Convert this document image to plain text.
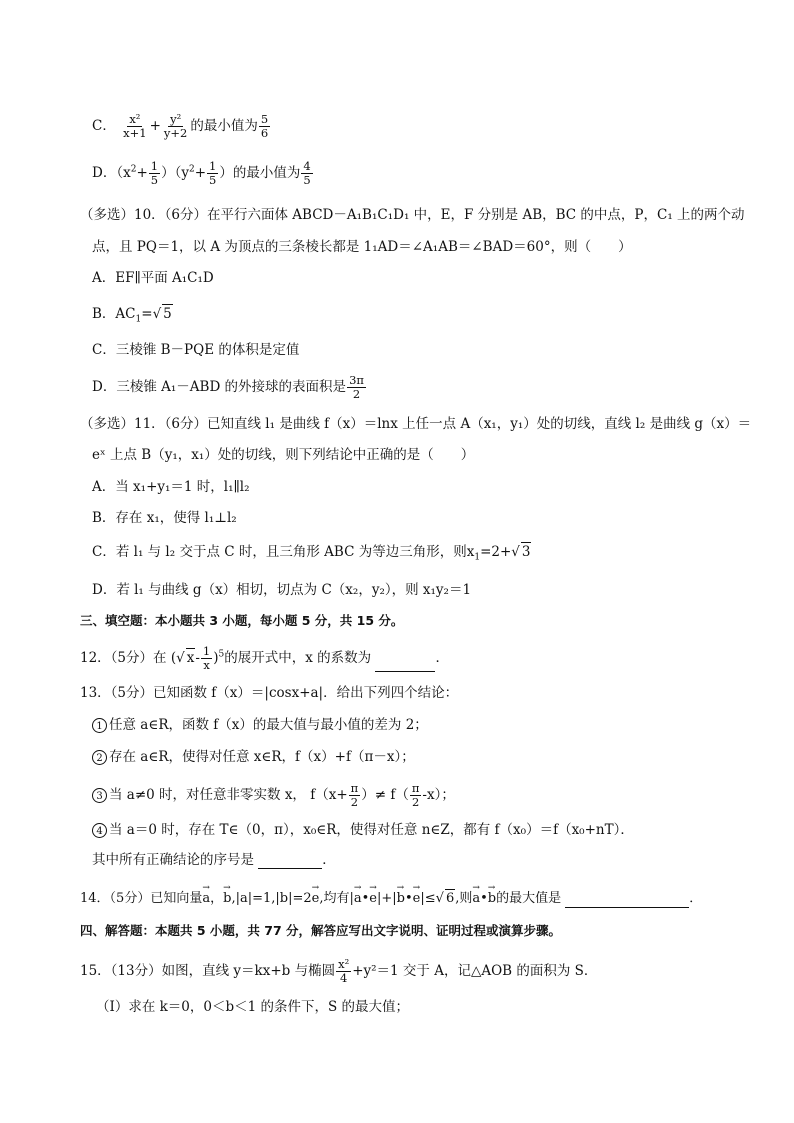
C． $\frac{\text{x²}}{x+1} + \frac{\text{y²}}{y+2}$ 的最小值为 $\frac{5}{6}$
D．$(x^2+ \frac{1}{5} )(y^2+ \frac{1}{5}$ ）的最小值为 $\frac{4}{5}$
（多选）10．（6分）在平行六面体 ABCD－A₁B₁C₁D₁ 中，E，F 分别是 AB，BC 的中点，P，C₁ 上的两个动
点，且 PQ＝1，以 A 为顶点的三条棱长都是 1₁AD＝∠A₁AB＝∠BAD＝60°，则（　　）
A．EF∥平面 A₁C₁D
B．$AC_1=√$ 5
C．三棱锥 B－PQE 的体积是定值
D．三棱锥 A₁－ABD 的外接球的表面积是 $\frac{3\pi}{2}$
（多选）11．（6分）已知直线 l₁ 是曲线 f（x）＝lnx 上任一点 A（x₁，y₁）处的切线，直线 l₂ 是曲线 g（x）＝
eˣ 上点 B（y₁，x₁）处的切线，则下列结论中正确的是（　　）
A．当 x₁+y₁＝1 时，l₁∥l₂
B．存在 x₁，使得 l₁⊥l₂
C．若 l₁ 与 l₂ 交于点 C 时，且三角形 ABC 为等边三角形，则$x_1=2+√$ 3
D．若 l₁ 与曲线 g（x）相切，切点为 C（x₂，y₂），则 x₁y₂＝1
三、填空题：本小题共 3 小题，每小题 5 分，共 15 分。
12．（5分）在 (√ $x- \frac{1}{x} )^5$的展开式中，x 的系数为	．
13．（5分）已知函数 f（x）＝|cosx+a|．给出下列四个结论：
1 任意 a∈R，函数 f（x）的最大值与最小值的差为 2；
2 存在 a∈R，使得对任意 x∈R，f（x）+f（π－x）；
3 当 a≠0 时，对任意非零实数 x， $f(x+ \frac{\pi}{2}$ ）≠ $f( \frac{\pi}{2} -x)$；
4 当 a＝0 时，存在 T∈（0，π），x₀∈R，使得对任意 n∈Z，都有 f（x₀）＝f（x₀+nT）．
其中所有正确结论的序号是	．
14．（5分）已知向量→ a，→ b,|a|=1,|b|=2→ e,均有|→ a•→ e|+|→ b•→ e|≤√ 6,则→ a•→ b的最大值是	．
四、解答题：本题共 5 小题，共 77 分，解答应写出文字说明、证明过程或演算步骤。
15．（13分）如图，直线 y＝kx+b 与椭圆 $\frac{\text{x²}}{4} +y^2=1$ 交于 A，记△AOB 的面积为 S．
（Ⅰ）求在 k＝0，0＜b＜1 的条件下，S 的最大值；
